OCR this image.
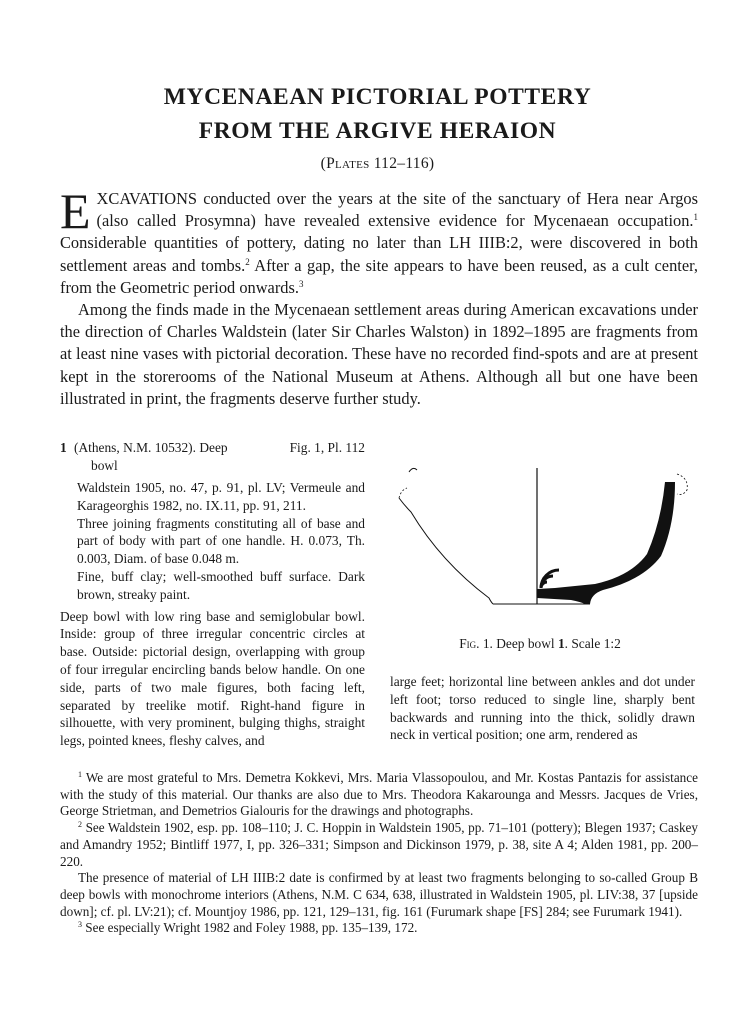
MYCENAEAN PICTORIAL POTTERY
FROM THE ARGIVE HERAION
(Plates 112–116)

EXCAVATIONS conducted over the years at the site of the sanctuary of Hera near Argos (also called Prosymna) have revealed extensive evidence for Mycenaean occupation.$^1$ Considerable quantities of pottery, dating no later than LH IIIB:2, were discovered in both settlement areas and tombs.$^2$ After a gap, the site appears to have been reused, as a cult center, from the Geometric period onwards.$^3$

Among the finds made in the Mycenaean settlement areas during American excavations under the direction of Charles Waldstein (later Sir Charles Walston) in 1892–1895 are fragments from at least nine vases with pictorial decoration. These have no recorded find-spots and are at present kept in the storerooms of the National Museum at Athens. Although all but one have been illustrated in print, the fragments deserve further study.

1 (Athens, N.M. 10532). Deep
bowl
Fig. 1, Pl. 112

Waldstein 1905, no. 47, p. 91, pl. LV; Vermeule and Karageorghis 1982, no. IX.11, pp. 91, 211.

Three joining fragments constituting all of base and part of body with part of one handle. H. 0.073, Th. 0.003, Diam. of base 0.048 m.

Fine, buff clay; well-smoothed buff surface. Dark brown, streaky paint.

Deep bowl with low ring base and semiglobular bowl. Inside: group of three irregular concentric circles at base. Outside: pictorial design, overlapping with group of four irregular encircling bands below handle. On one side, parts of two male figures, both facing left, separated by treelike motif. Right-hand figure in silhouette, with very prominent, bulging thighs, straight legs, pointed knees, fleshy calves, and

Fig. 1. Deep bowl 1. Scale 1:2

large feet; horizontal line between ankles and dot under left foot; torso reduced to single line, sharply bent backwards and running into the thick, solidly drawn neck in vertical position; one arm, rendered as

$^1$ We are most grateful to Mrs. Demetra Kokkevi, Mrs. Maria Vlassopoulou, and Mr. Kostas Pantazis for assistance with the study of this material. Our thanks are also due to Mrs. Theodora Kakarounga and Messrs. Jacques de Vries, George Strietman, and Demetrios Gialouris for the drawings and photographs.

$^2$ See Waldstein 1902, esp. pp. 108–110; J. C. Hoppin in Waldstein 1905, pp. 71–101 (pottery); Blegen 1937; Caskey and Amandry 1952; Bintliff 1977, I, pp. 326–331; Simpson and Dickinson 1979, p. 38, site A 4; Alden 1981, pp. 200–220.

The presence of material of LH IIIB:2 date is confirmed by at least two fragments belonging to so-called Group B deep bowls with monochrome interiors (Athens, N.M. C 634, 638, illustrated in Waldstein 1905, pl. LIV:38, 37 [upside down]; cf. pl. LV:21); cf. Mountjoy 1986, pp. 121, 129–131, fig. 161 (Furumark shape [FS] 284; see Furumark 1941).

$^3$ See especially Wright 1982 and Foley 1988, pp. 135–139, 172.
